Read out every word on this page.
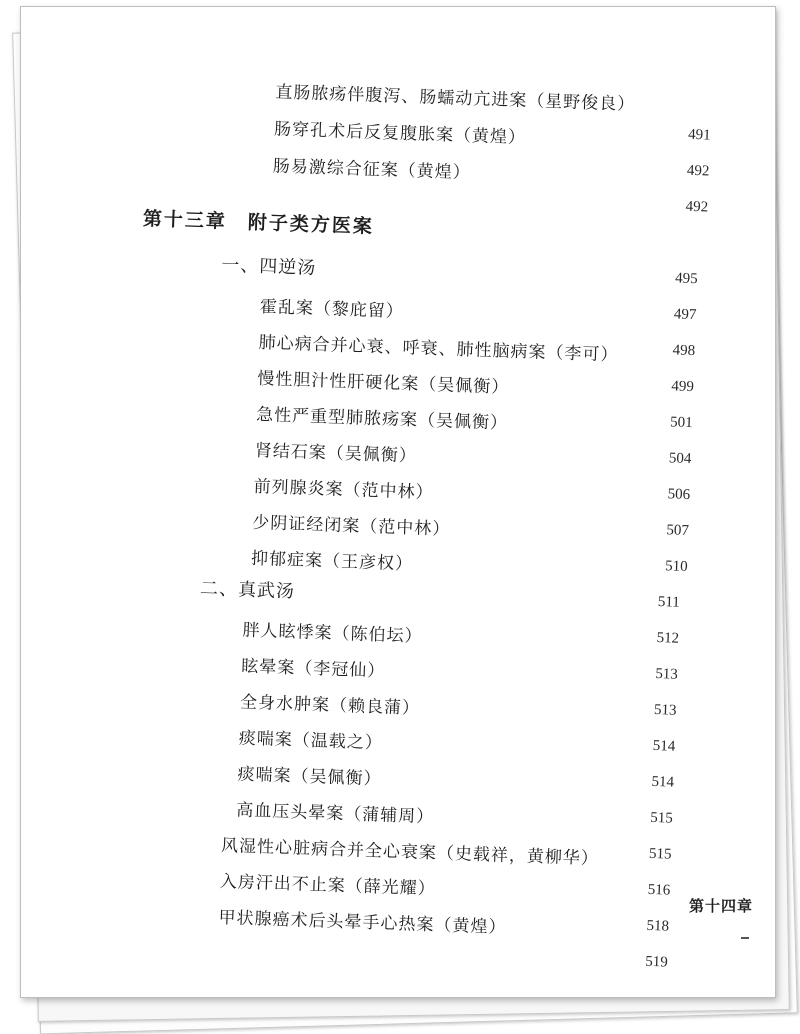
直肠脓疡伴腹泻、肠蠕动亢进案（星野俊良）
肠穿孔术后反复腹胀案（黄煌）
肠易激综合征案（黄煌）
491
492
492
第十三章　附子类方医案
一、四逆汤
霍乱案（黎庇留）
肺心病合并心衰、呼衰、肺性脑病案（李可）
慢性胆汁性肝硬化案（吴佩衡）
急性严重型肺脓疡案（吴佩衡）
肾结石案（吴佩衡）
前列腺炎案（范中林）
少阴证经闭案（范中林）
抑郁症案（王彦权）
495
497
498
499
501
504
506
507
510
二、真武汤
胖人眩悸案（陈伯坛）
眩晕案（李冠仙）
全身水肿案（赖良蒲）
痰喘案（温载之）
痰喘案（吴佩衡）
高血压头晕案（蒲辅周）
风湿性心脏病合并全心衰案（史载祥，黄柳华）
入房汗出不止案（薛光耀）
甲状腺癌术后头晕手心热案（黄煌）
511
512
513
513
514
514
515
515
516
518
519
第十四章
